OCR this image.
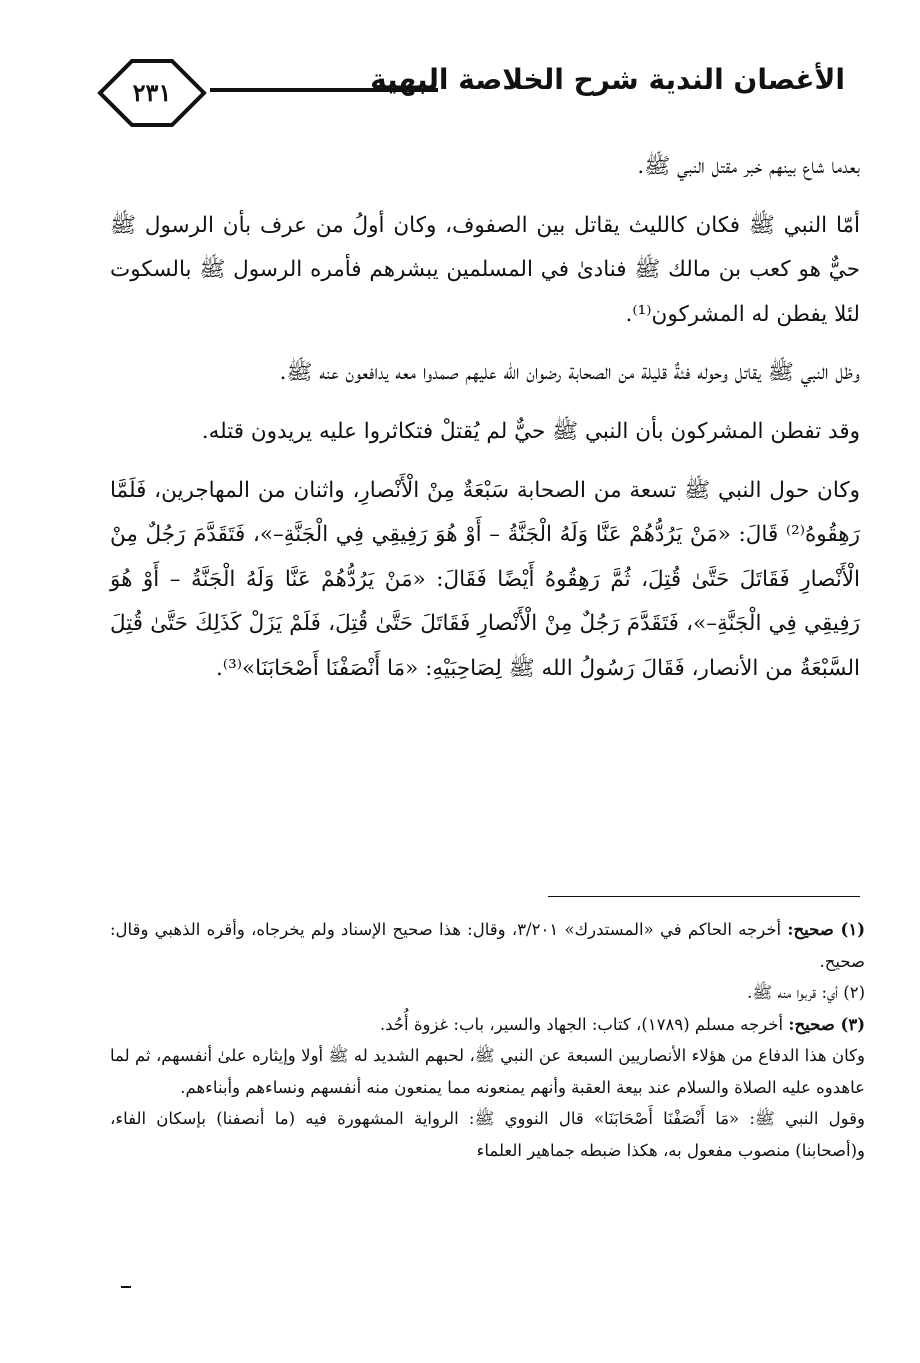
الأغصان الندية شرح الخلاصة البهية
٢٣١

بعدما شاع بينهم خبر مقتل النبي ﷺ.

أمّا النبي ﷺ فكان كالليث يقاتل بين الصفوف، وكان أولُ من عرف بأن الرسول ﷺ حيٌّ هو كعب بن مالك ﷺ فنادىٰ في المسلمين يبشرهم فأمره الرسول ﷺ بالسكوت لئلا يفطن له المشركون⁽¹⁾.

وظل النبي ﷺ يقاتل وحوله فئةٌ قليلة من الصحابة رضوان الله عليهم صمدوا معه يدافعون عنه ﷺ.

وقد تفطن المشركون بأن النبي ﷺ حيٌّ لم يُقتلْ فتكاثروا عليه يريدون قتله.

وكان حول النبي ﷺ تسعة من الصحابة سَبْعَةٌ مِنْ الْأَنْصارِ، واثنان من المهاجرين، فَلَمَّا رَهِقُوهُ⁽²⁾ قَالَ: «مَنْ يَرُدُّهُمْ عَنَّا وَلَهُ الْجَنَّةُ – أَوْ هُوَ رَفِيقِي فِي الْجَنَّةِ–»، فَتَقَدَّمَ رَجُلٌ مِنْ الْأَنْصارِ فَقَاتَلَ حَتَّىٰ قُتِلَ، ثُمَّ رَهِقُوهُ أَيْضًا فَقَالَ: «مَنْ يَرُدُّهُمْ عَنَّا وَلَهُ الْجَنَّةُ – أَوْ هُوَ رَفِيقِي فِي الْجَنَّةِ–»، فَتَقَدَّمَ رَجُلٌ مِنْ الْأَنْصارِ فَقَاتَلَ حَتَّىٰ قُتِلَ، فَلَمْ يَزَلْ كَذَلِكَ حَتَّىٰ قُتِلَ السَّبْعَةُ من الأنصار، فَقَالَ رَسُولُ الله ﷺ لِصَاحِبَيْهِ: «مَا أَنْصَفْنَا أَصْحَابَنَا»⁽³⁾.

(١) صحيح: أخرجه الحاكم في «المستدرك» ٣/٢٠١، وقال: هذا صحيح الإسناد ولم يخرجاه، وأقره الذهبي وقال: صحيح.

(٢) أي: قربوا منه ﷺ.

(٣) صحيح: أخرجه مسلم (١٧٨٩)، كتاب: الجهاد والسير، باب: غزوة أُحُد.

وكان هذا الدفاع من هؤلاء الأنصاريين السبعة عن النبي ﷺ، لحبهم الشديد له ﷺ أولا وإيثاره علىٰ أنفسهم، ثم لما عاهدوه عليه الصلاة والسلام عند بيعة العقبة وأنهم يمنعونه مما يمنعون منه أنفسهم ونساءهم وأبناءهم.

وقول النبي ﷺ: «مَا أَنْصَفْنَا أَصْحَابَنَا» قال النووي ﷺ: الرواية المشهورة فيه (ما أنصفنا) بإسكان الفاء، و(أصحابنا) منصوب مفعول به، هكذا ضبطه جماهير العلماء
